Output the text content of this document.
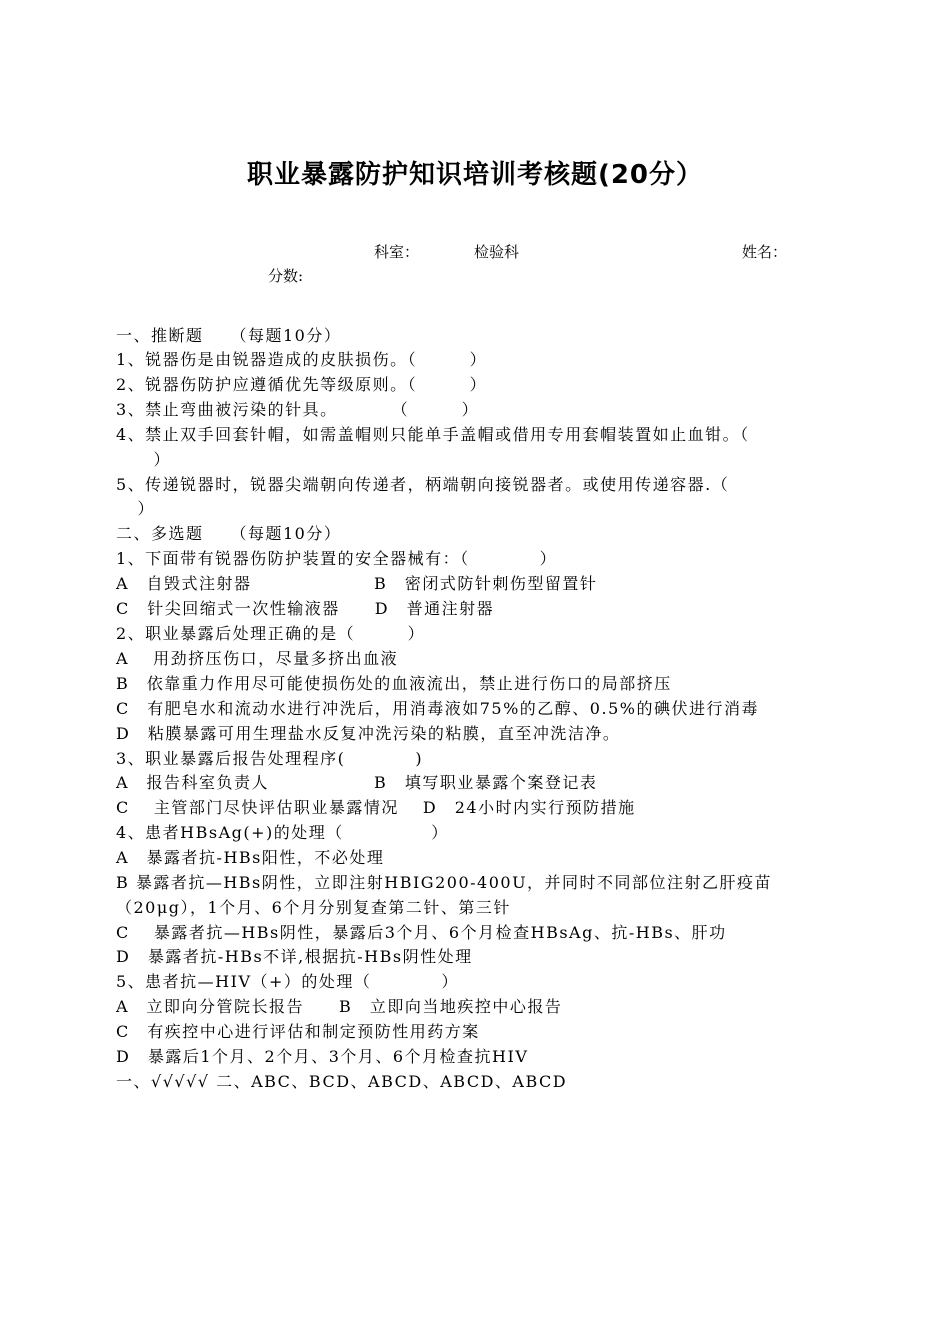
职业暴露防护知识培训考核题(20分）
科室：	检验科	姓名：
分数:
一、推断题　　（每题10分）
1、锐器伤是由锐器造成的皮肤损伤。（　　　）
2、锐器伤防护应遵循优先等级原则。（　　　）
3、禁止弯曲被污染的针具。　　　　（　　　）
4、禁止双手回套针帽，如需盖帽则只能单手盖帽或借用专用套帽装置如止血钳。（
　）
5、传递锐器时，锐器尖端朝向传递者，柄端朝向接锐器者。或使用传递容器.（
　）
二、多选题　　（每题10分）
1、下面带有锐器伤防护装置的安全器械有：（　　　　）
A　自毁式注射器　　　　　　　B　密闭式防针刺伤型留置针
C　针尖回缩式一次性输液器　　D　普通注射器
2、职业暴露后处理正确的是（　　　）
A　 用劲挤压伤口，尽量多挤出血液
B　依靠重力作用尽可能使损伤处的血液流出，禁止进行伤口的局部挤压
C　有肥皂水和流动水进行冲洗后，用消毒液如75%的乙醇、0.5%的碘伏进行消毒
D　粘膜暴露可用生理盐水反复冲洗污染的粘膜，直至冲洗洁净。
3、职业暴露后报告处理程序(　　　　)
A　报告科室负责人　　　　　　B　填写职业暴露个案登记表
C　 主管部门尽快评估职业暴露情况　 D　24小时内实行预防措施
4、患者HBsAg(+)的处理（　　　　　）
A　暴露者抗-HBs阳性，不必处理
B 暴露者抗—HBs阴性，立即注射HBIG200-400U，并同时不同部位注射乙肝疫苗
（20μg），1个月、6个月分别复查第二针、第三针
C　 暴露者抗—HBs阴性，暴露后3个月、6个月检查HBsAg、抗-HBs、肝功
D　暴露者抗-HBs不详,根据抗-HBs阴性处理
5、患者抗—HIV（+）的处理（　　　　）
A　立即向分管院长报告　　B　立即向当地疾控中心报告
C　有疾控中心进行评估和制定预防性用药方案
D　暴露后1个月、2个月、3个月、6个月检查抗HIV
一、√√√√√ 二、ABC、BCD、ABCD、ABCD、ABCD
